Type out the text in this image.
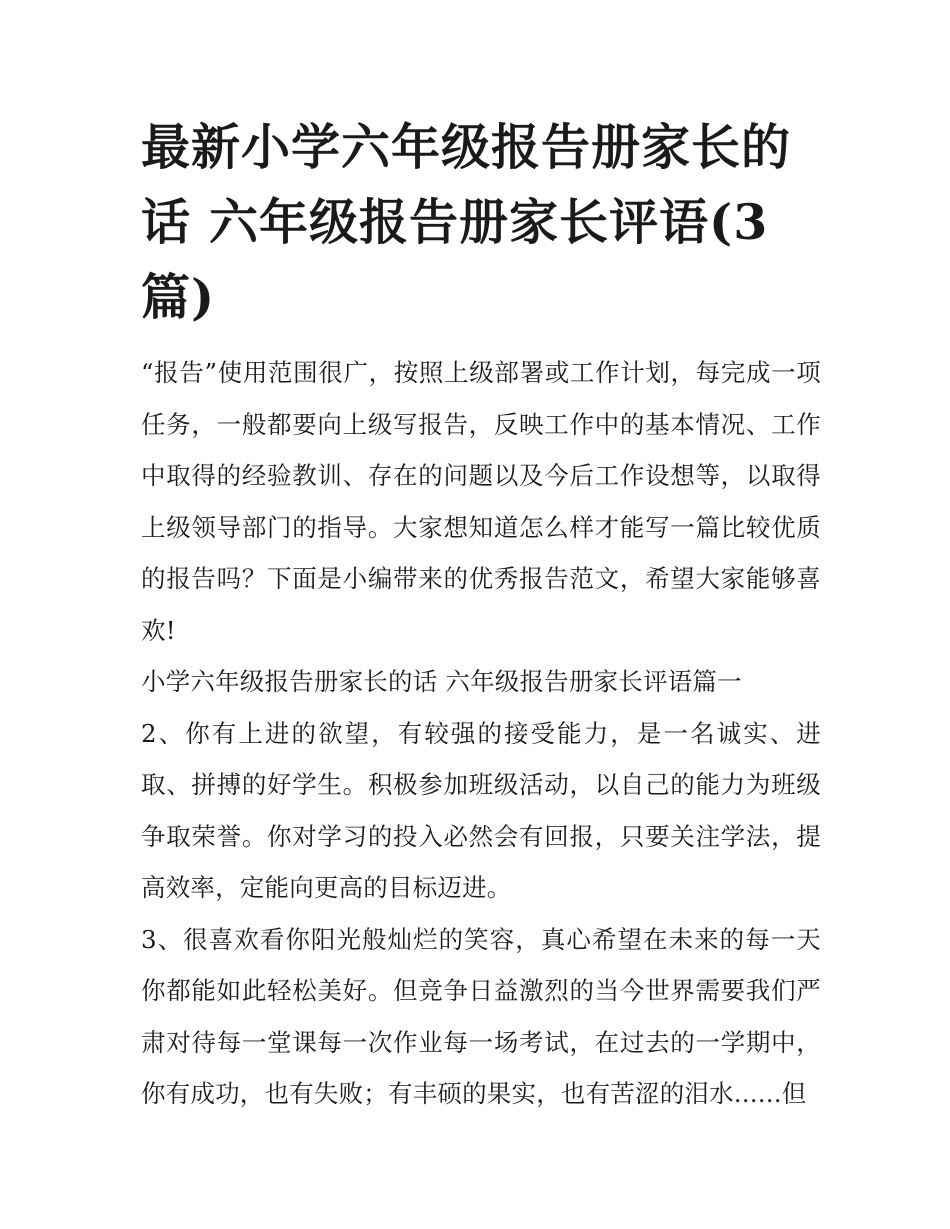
最新小学六年级报告册家长的话 六年级报告册家长评语(3篇)

“报告”使用范围很广，按照上级部署或工作计划，每完成一项任务，一般都要向上级写报告，反映工作中的基本情况、工作中取得的经验教训、存在的问题以及今后工作设想等，以取得上级领导部门的指导。大家想知道怎么样才能写一篇比较优质的报告吗？下面是小编带来的优秀报告范文，希望大家能够喜欢!

小学六年级报告册家长的话 六年级报告册家长评语篇一

2、你有上进的欲望，有较强的接受能力，是一名诚实、进取、拼搏的好学生。积极参加班级活动，以自己的能力为班级争取荣誉。你对学习的投入必然会有回报，只要关注学法，提高效率，定能向更高的目标迈进。

3、很喜欢看你阳光般灿烂的笑容，真心希望在未来的每一天你都能如此轻松美好。但竞争日益激烈的当今世界需要我们严肃对待每一堂课每一次作业每一场考试，在过去的一学期中，你有成功，也有失败；有丰硕的果实，也有苦涩的泪水......但
